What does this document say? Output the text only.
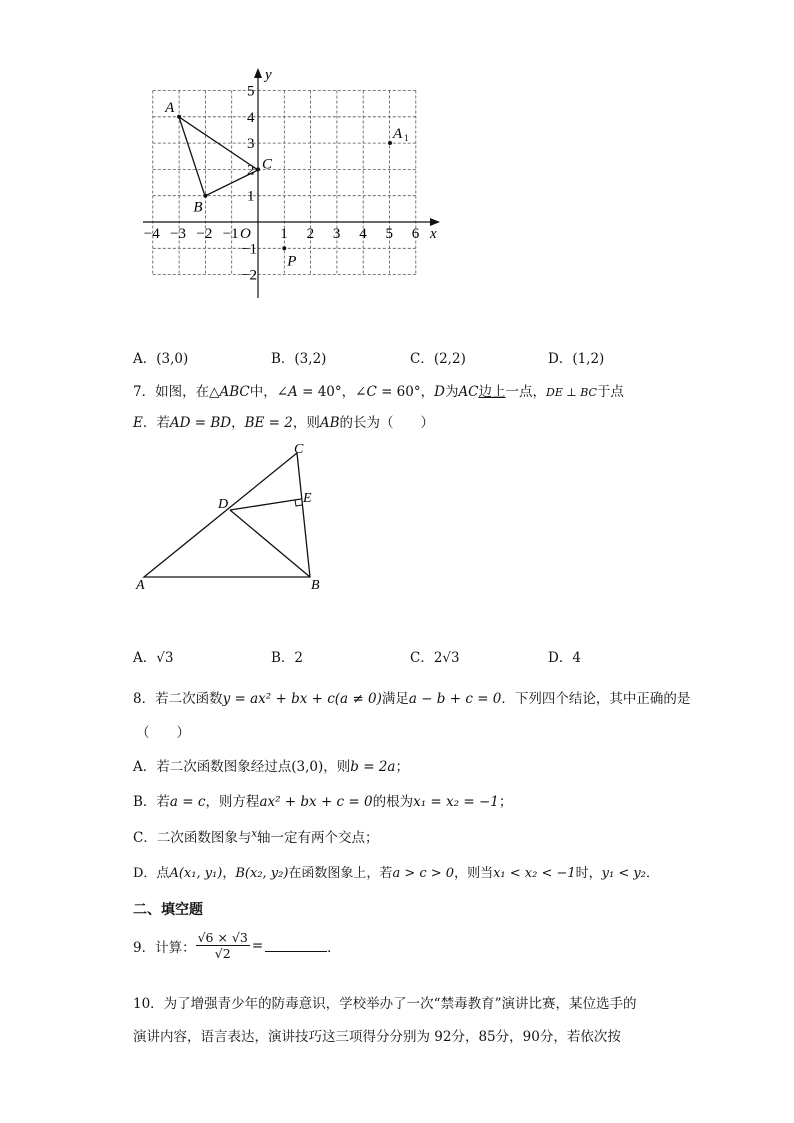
x
y
O
−4 −3 −2 −1	1 2 3 4 5 6
5
4
3
2
1
−1
−2
A
B
C
P
A 1
A．(3,0)	B．(3,2)	C．(2,2)	D．(1,2)
7．如图，在△ABC中，∠A = 40°，∠C = 60°，D为AC边上一点，DE ⊥ BC于点
E．若AD = BD，BE = 2，则AB的长为（　　）
A	B
C
D	E
A．√3	B．2	C．2√3	D．4
8．若二次函数y = ax² + bx + c(a ≠ 0)满足a − b + c = 0．下列四个结论，其中正确的是
（　　）
A．若二次函数图象经过点(3,0)，则b = 2a；
B．若a = c，则方程ax² + bx + c = 0的根为x₁ = x₂ = −1；
C．二次函数图象与$^x$轴一定有两个交点；
D．点A(x₁, y₁)，B(x₂, y₂)在函数图象上，若a > c > 0，则当x₁ < x₂ < −1时，y₁ < y₂．
二、填空题
9．计算： $\frac{√6 \times √3}{√2}$ =	．
10．为了增强青少年的防毒意识，学校举办了一次“禁毒教育”演讲比赛，某位选手的
演讲内容，语言表达，演讲技巧这三项得分分别为 92分，85分，90分，若依次按
